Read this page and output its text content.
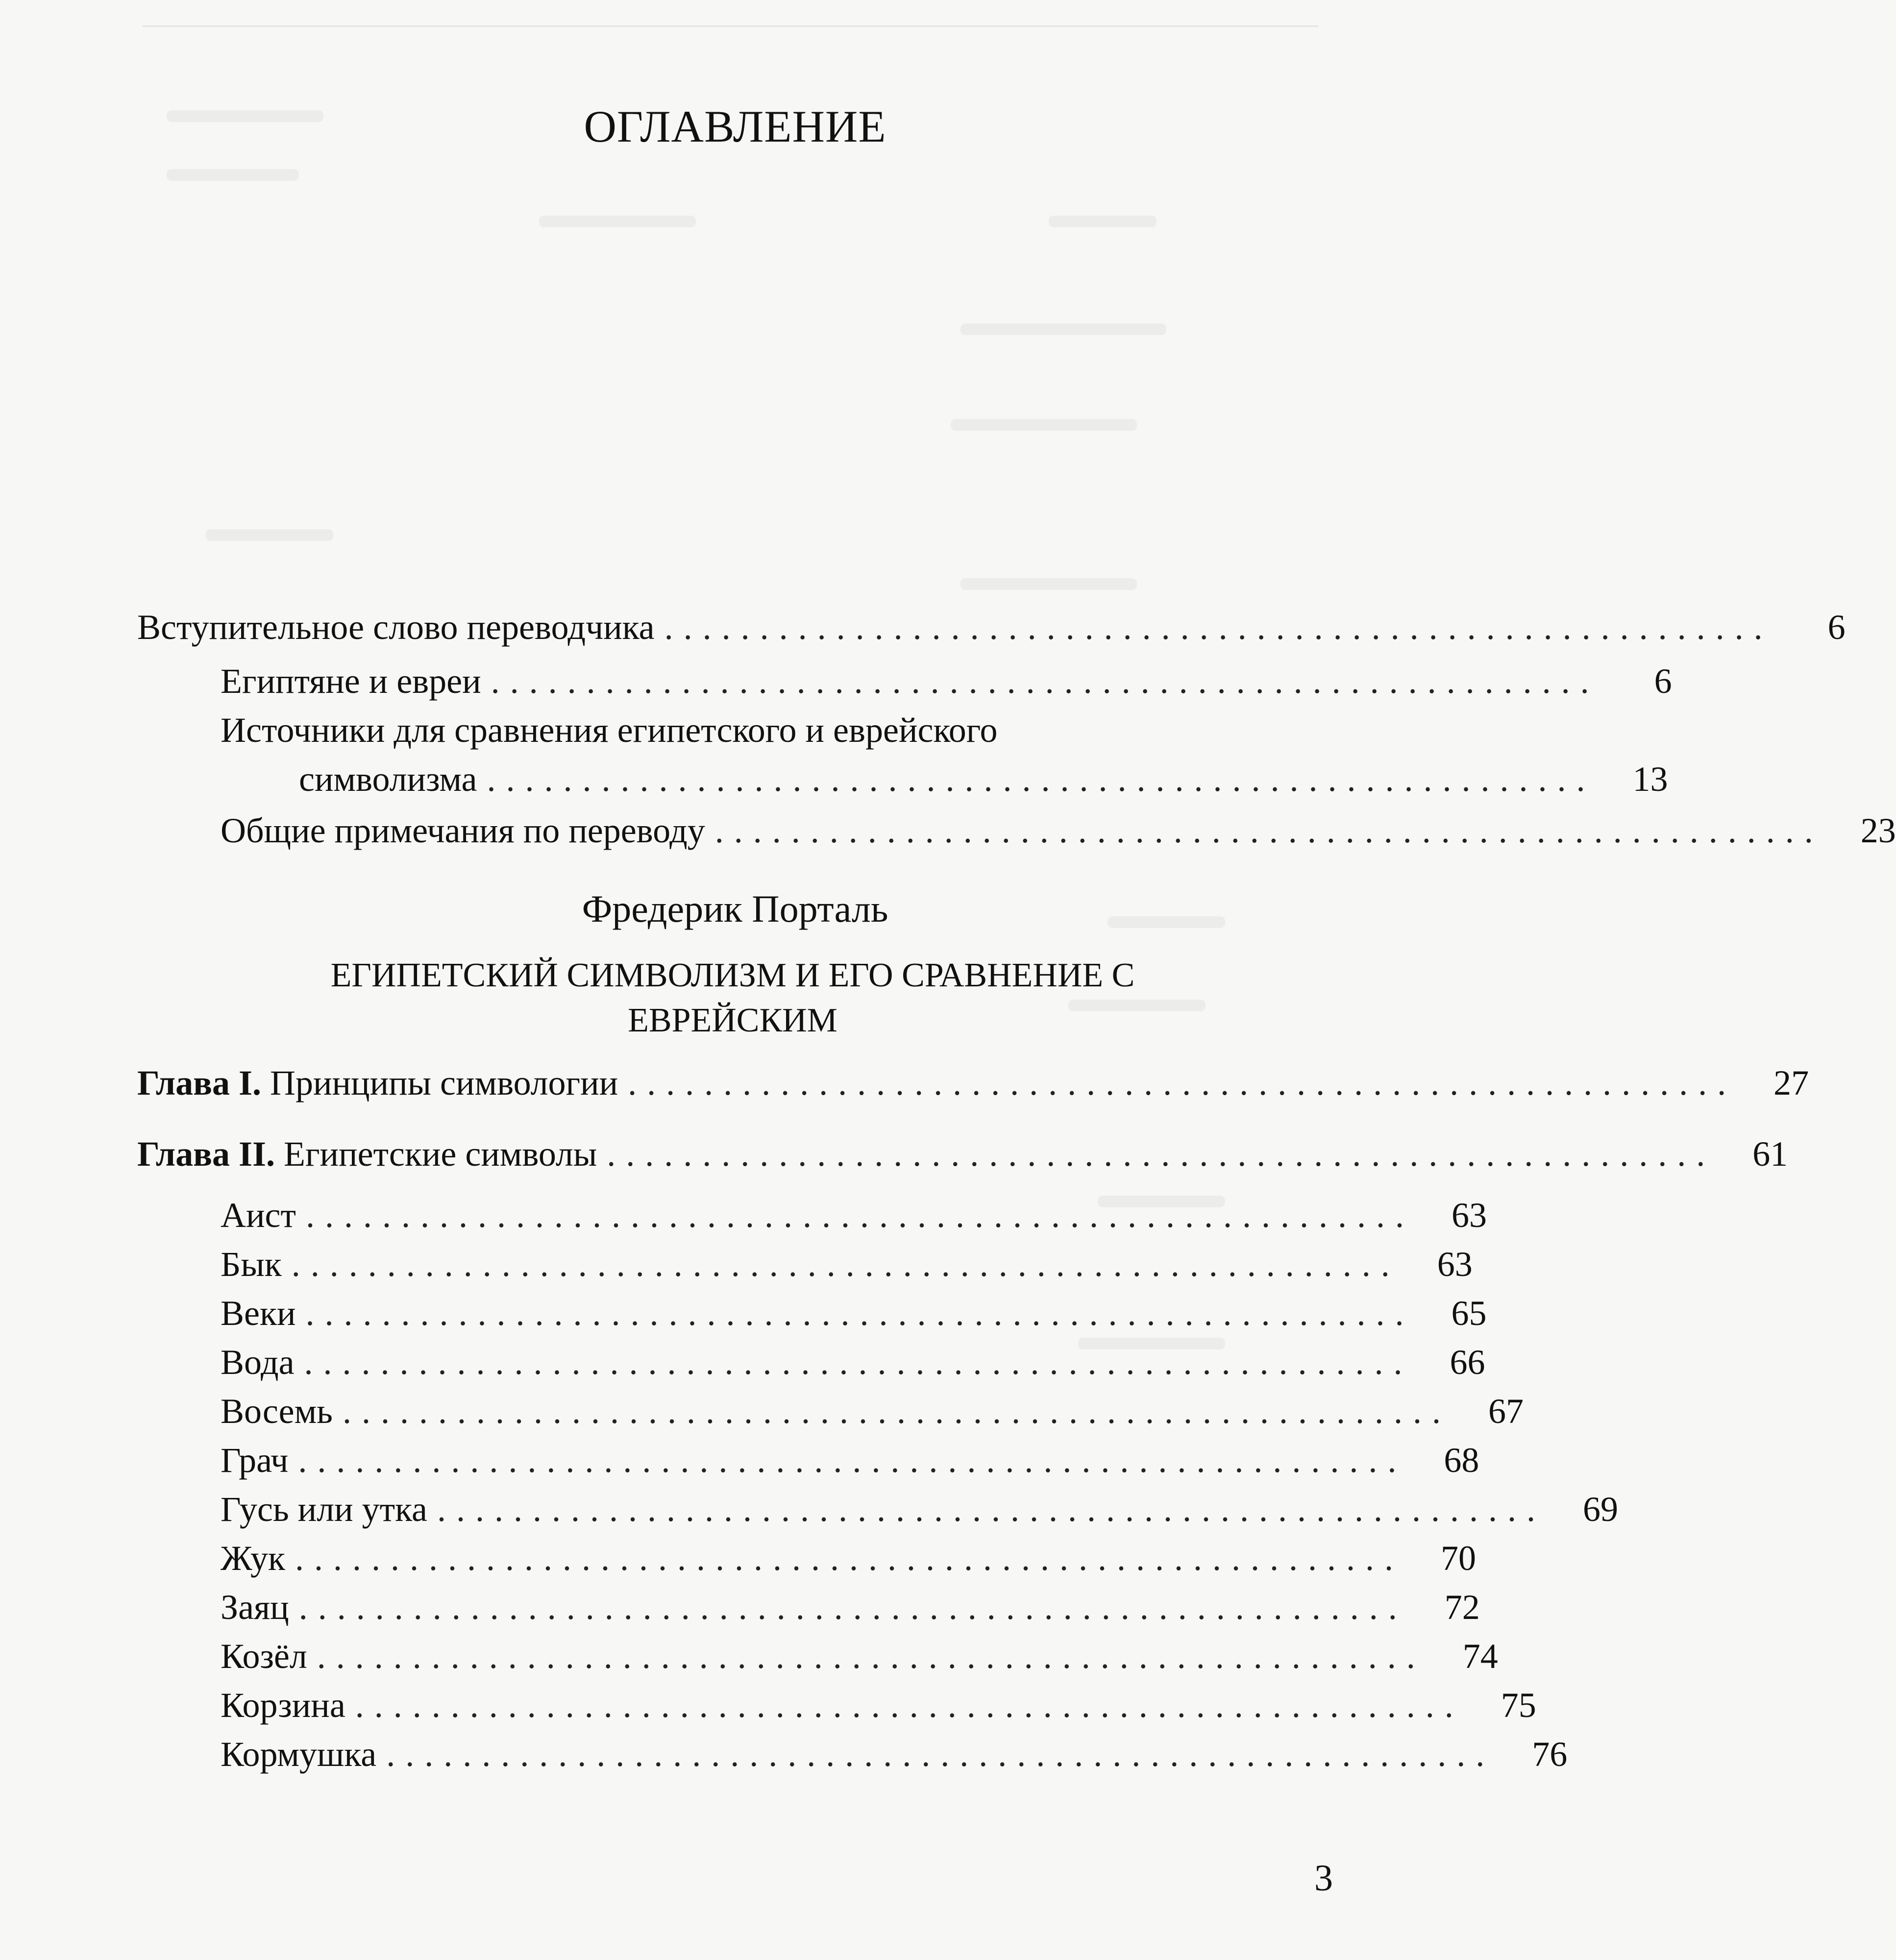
ОГЛАВЛЕНИЕ
Вступительное слово переводчика ..........................................................	6
Египтяне и евреи ..........................................................	6
Источники для сравнения египетского и еврейского
символизма ..........................................................	13
Общие примечания по переводу ..........................................................	23
Фредерик Порталь
ЕГИПЕТСКИЙ СИМВОЛИЗМ И ЕГО СРАВНЕНИЕ С ЕВРЕЙСКИМ
Глава I. Принципы символогии ..........................................................	27
Глава II. Египетские символы ..........................................................	61
Аист ..........................................................	63
Бык ..........................................................	63
Веки ..........................................................	65
Вода ..........................................................	66
Восемь ..........................................................	67
Грач ..........................................................	68
Гусь или утка ..........................................................	69
Жук ..........................................................	70
Заяц ..........................................................	72
Козёл ..........................................................	74
Корзина ..........................................................	75
Кормушка ..........................................................	76
3
